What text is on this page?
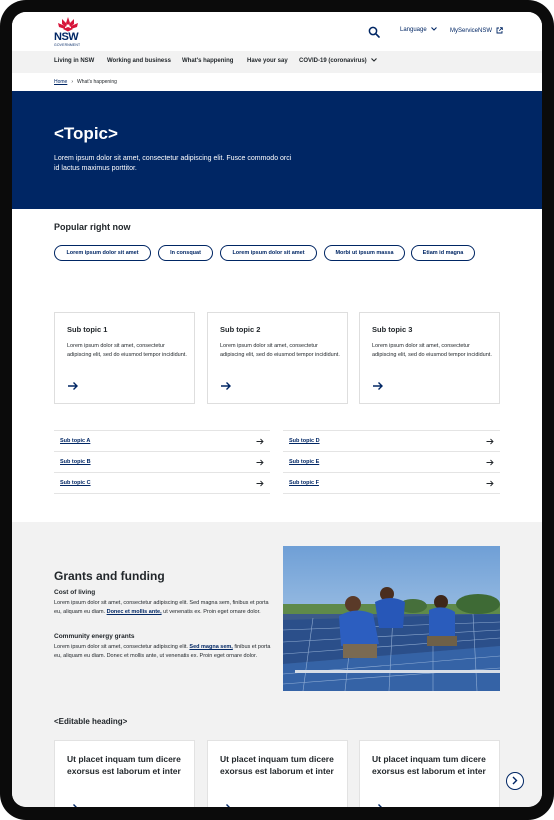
NSW
GOVERNMENT
Language	MyServiceNSW
Living in NSW Working and business What's happening Have your say COVID-19 (coronavirus)
Home › What's happening
<Topic>

Lorem ipsum dolor sit amet, consectetur adipiscing elit. Fusce commodo orci id lactus maximus porttitor.

Popular right now
Lorem ipsum dolor sit amet	In consquat	Lorem ipsum dolor sit amet	Morbi ut ipsum massa	Etiam id magna
Sub topic 1
Lorem ipsum dolor sit amet, consectetur adipiscing elit, sed do eiusmod tempor incididunt.
Sub topic 2
Lorem ipsum dolor sit amet, consectetur adipiscing elit, sed do eiusmod tempor incididunt.
Sub topic 3
Lorem ipsum dolor sit amet, consectetur adipiscing elit, sed do eiusmod tempor incididunt.
Sub topic A
Sub topic B
Sub topic C
Sub topic D
Sub topic E
Sub topic F
Grants and funding
Cost of living
Lorem ipsum dolor sit amet, consectetur adipiscing elit. Sed magna sem, finibus et porta eu, aliquam eu diam. Donec et mollis ante, ut venenatis ex. Proin eget ornare dolor.
Community energy grants
Lorem ipsum dolor sit amet, consectetur adipiscing elit. Sed magna sem, finibus et porta eu, aliquam eu diam. Donec et mollis ante, ut venenatis ex. Proin eget ornare dolor.
<Editable heading>
Ut placet inquam tum dicere exorsus est laborum et inter
Ut placet inquam tum dicere exorsus est laborum et inter
Ut placet inquam tum dicere exorsus est laborum et inter
